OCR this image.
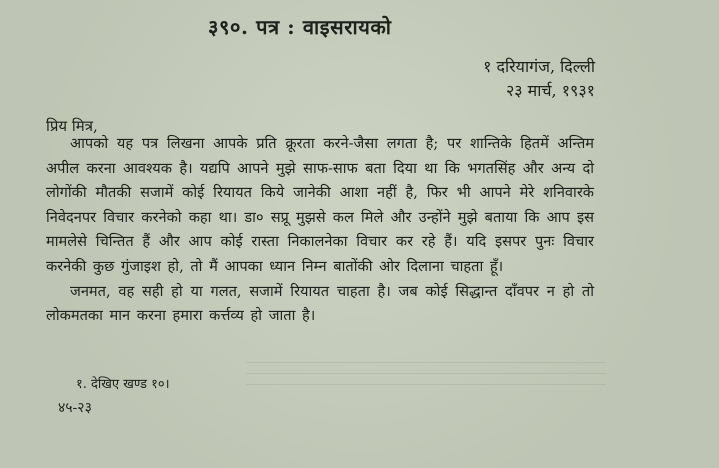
३९०. पत्र : वाइसरायको
१ दरियागंज, दिल्ली
२३ मार्च, १९३१
प्रिय मित्र,

आपको यह पत्र लिखना आपके प्रति क्रूरता करने-जैसा लगता है; पर शान्तिके हितमें अन्तिम अपील करना आवश्यक है। यद्यपि आपने मुझे साफ-साफ बता दिया था कि भगतसिंह और अन्य दो लोगोंकी मौतकी सजामें कोई रियायत किये जानेकी आशा नहीं है, फिर भी आपने मेरे शनिवारके निवेदनपर विचार करनेको कहा था। डा० सप्रू मुझसे कल मिले और उन्होंने मुझे बताया कि आप इस मामलेसे चिन्तित हैं और आप कोई रास्ता निकालनेका विचार कर रहे हैं। यदि इसपर पुनः विचार करनेकी कुछ गुंजाइश हो, तो मैं आपका ध्यान निम्न बातोंकी ओर दिलाना चाहता हूँ।

जनमत, वह सही हो या गलत, सजामें रियायत चाहता है। जब कोई सिद्धान्त दाँवपर न हो तो लोकमतका मान करना हमारा कर्त्तव्य हो जाता है।

१. देखिए खण्ड १०।
४५-२३
